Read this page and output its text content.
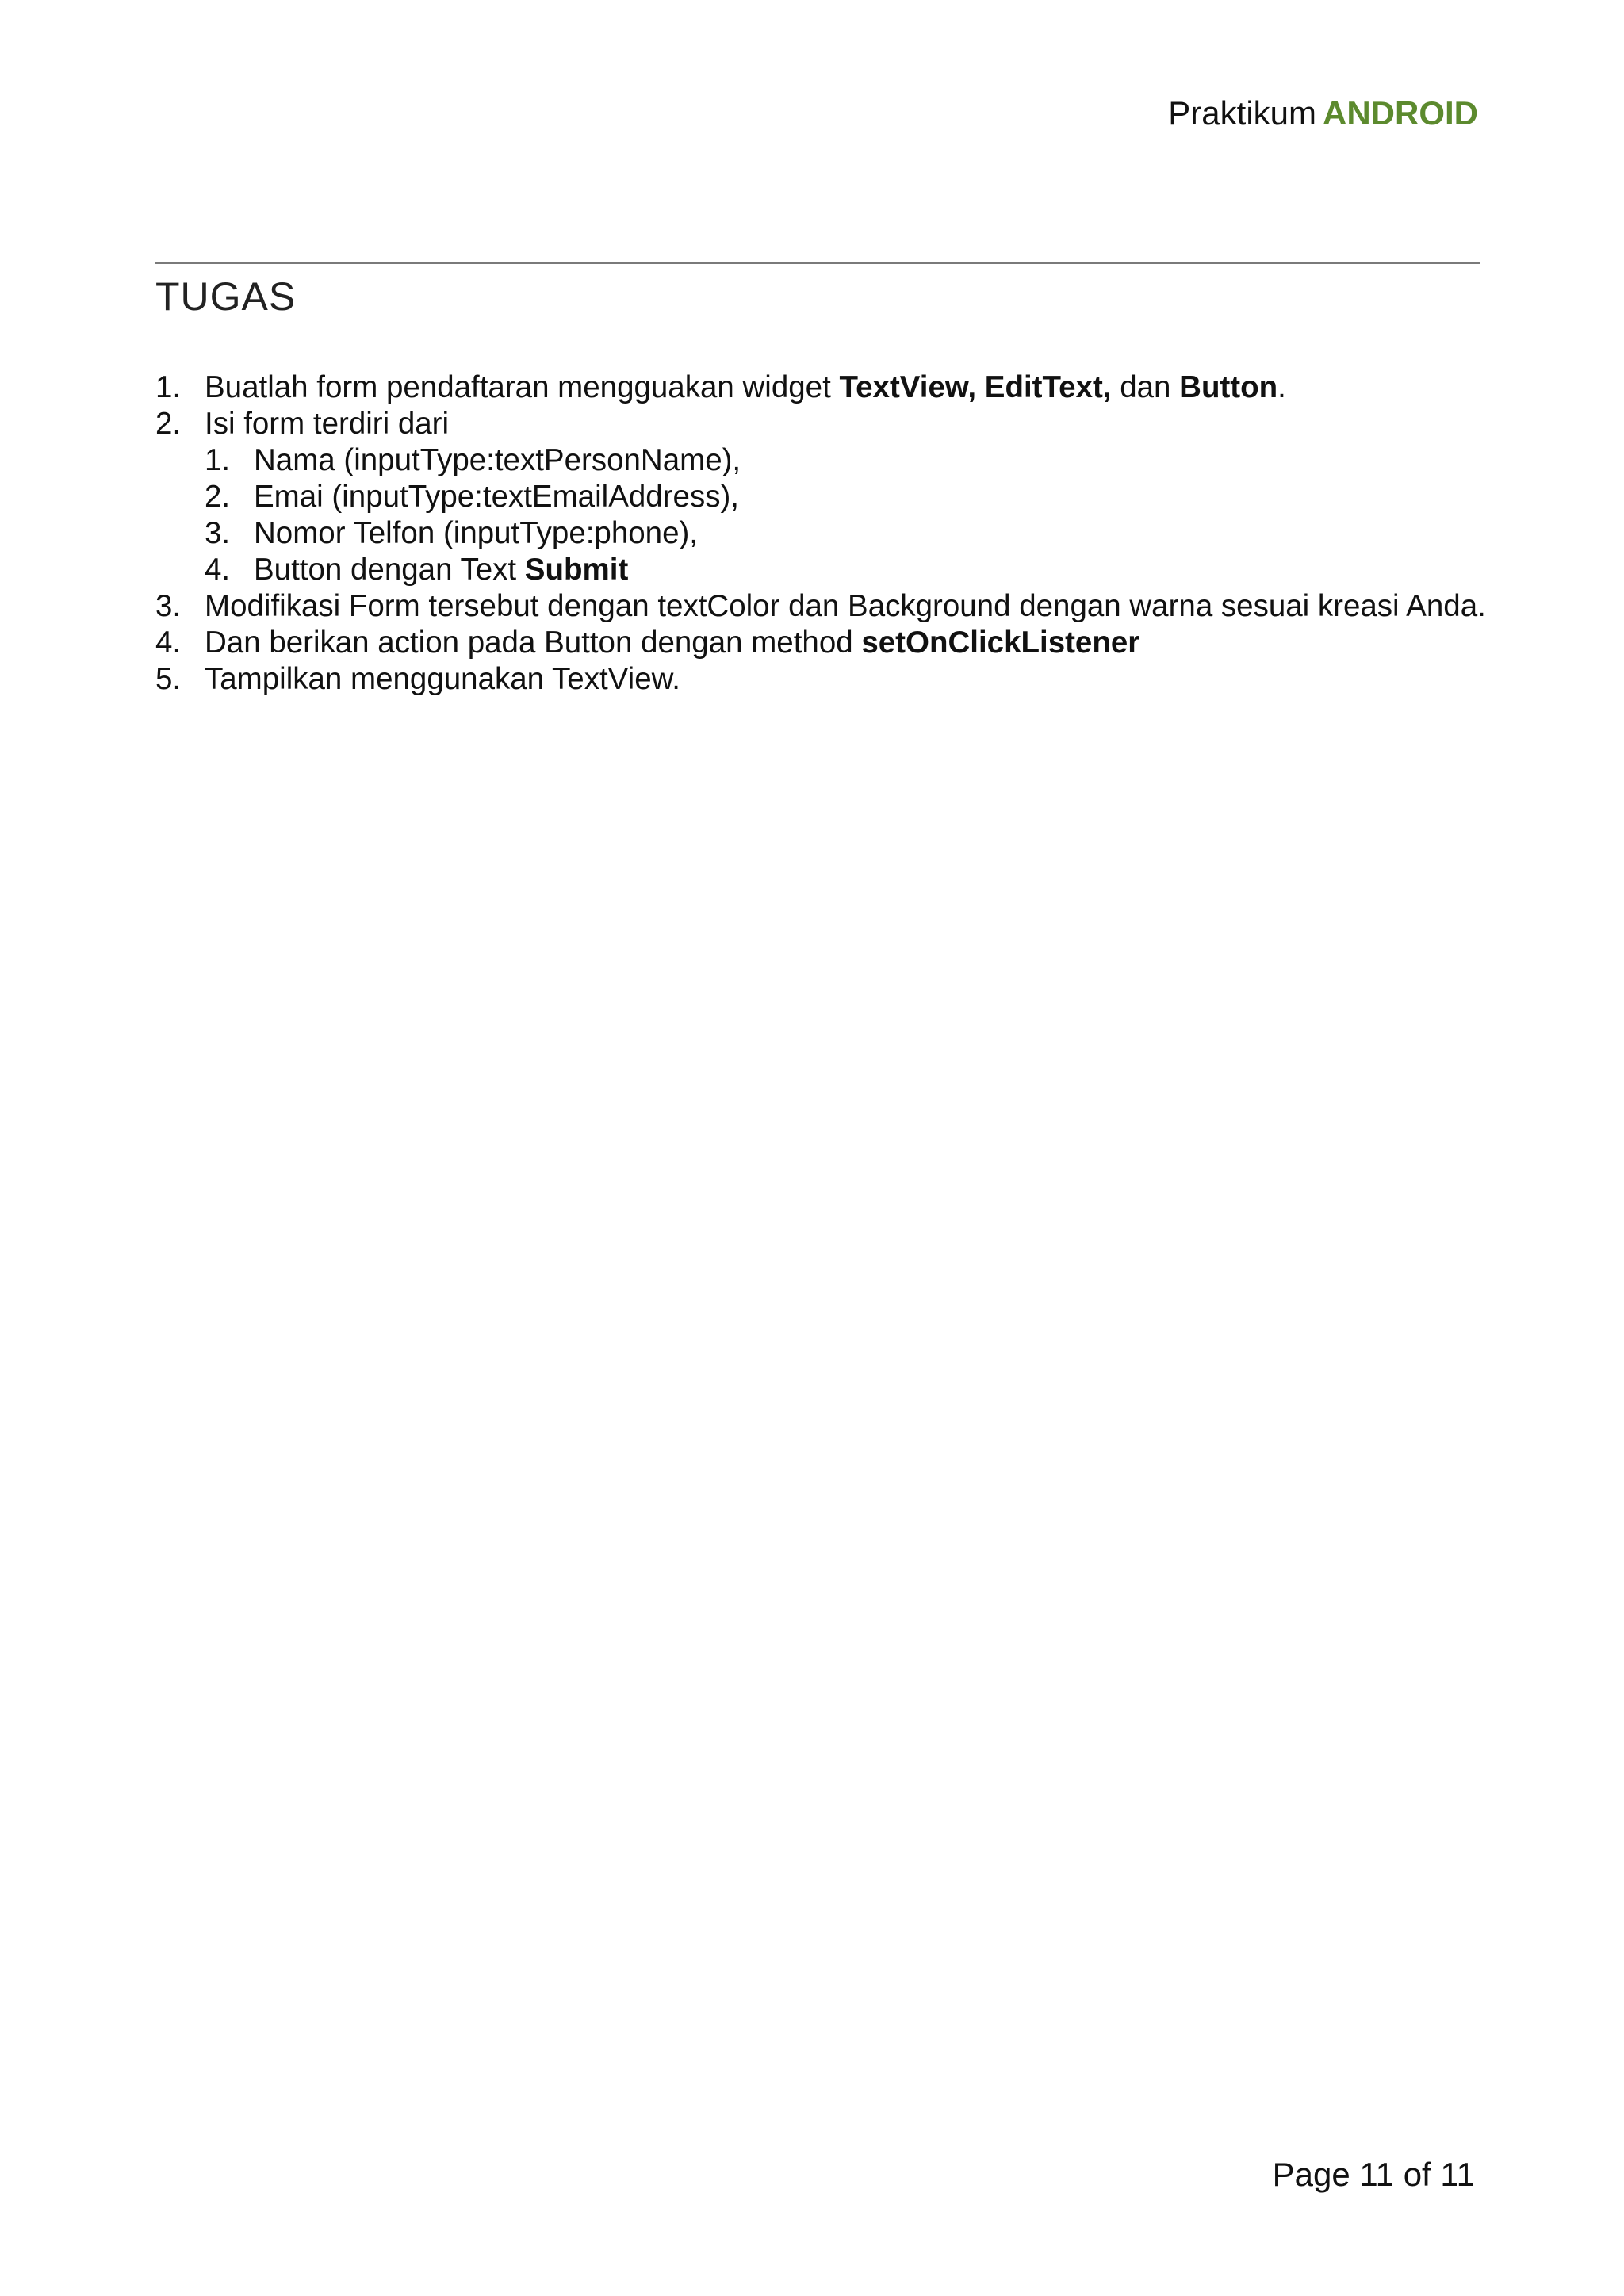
Praktikum ANDROID
TUGAS
1. Buatlah form pendaftaran mengguakan widget TextView, EditText, dan Button.
2. Isi form terdiri dari
1. Nama (inputType:textPersonName),
2. Emai (inputType:textEmailAddress),
3. Nomor Telfon (inputType:phone),
4. Button dengan Text Submit
3. Modifikasi Form tersebut dengan textColor dan Background dengan warna sesuai kreasi Anda.
4. Dan berikan action pada Button dengan method setOnClickListener
5. Tampilkan menggunakan TextView.
Page 11 of 11
